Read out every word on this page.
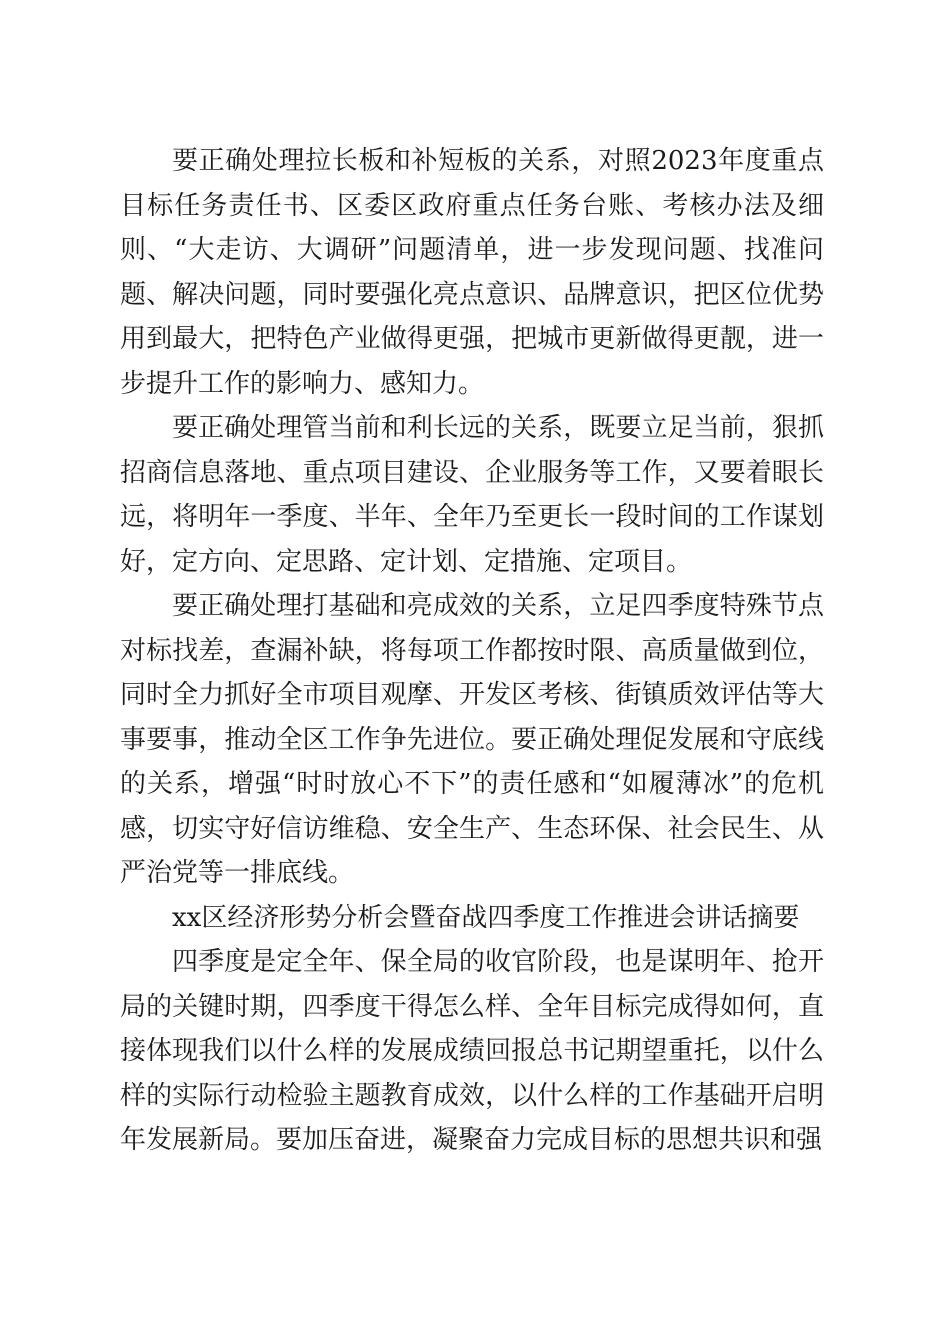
要正确处理拉长板和补短板的关系，对照2023年度重点目标任务责任书、区委区政府重点任务台账、考核办法及细则、“大走访、大调研”问题清单，进一步发现问题、找准问题、解决问题，同时要强化亮点意识、品牌意识，把区位优势用到最大，把特色产业做得更强，把城市更新做得更靓，进一步提升工作的影响力、感知力。

要正确处理管当前和利长远的关系，既要立足当前，狠抓招商信息落地、重点项目建设、企业服务等工作，又要着眼长远，将明年一季度、半年、全年乃至更长一段时间的工作谋划好，定方向、定思路、定计划、定措施、定项目。

要正确处理打基础和亮成效的关系，立足四季度特殊节点对标找差，查漏补缺，将每项工作都按时限、高质量做到位，同时全力抓好全市项目观摩、开发区考核、街镇质效评估等大事要事，推动全区工作争先进位。要正确处理促发展和守底线的关系，增强“时时放心不下”的责任感和“如履薄冰”的危机感，切实守好信访维稳、安全生产、生态环保、社会民生、从严治党等一排底线。

xx区经济形势分析会暨奋战四季度工作推进会讲话摘要

四季度是定全年、保全局的收官阶段，也是谋明年、抢开局的关键时期，四季度干得怎么样、全年目标完成得如何，直接体现我们以什么样的发展成绩回报总书记期望重托，以什么样的实际行动检验主题教育成效，以什么样的工作基础开启明年发展新局。要加压奋进，凝聚奋力完成目标的思想共识和强
